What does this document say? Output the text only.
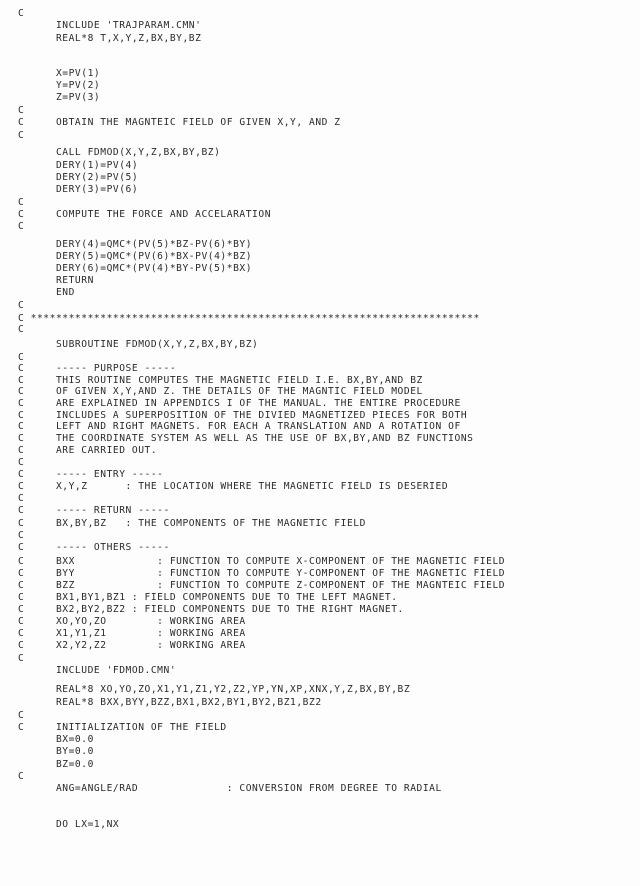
C
INCLUDE 'TRAJPARAM.CMN'
REAL*8 T,X,Y,Z,BX,BY,BZ
X=PV(1)
Y=PV(2)
Z=PV(3)
C
C     OBTAIN THE MAGNTEIC FIELD OF GIVEN X,Y, AND Z
C
CALL FDMOD(X,Y,Z,BX,BY,BZ)
DERY(1)=PV(4)
DERY(2)=PV(5)
DERY(3)=PV(6)
C
C     COMPUTE THE FORCE AND ACCELARATION
C
DERY(4)=QMC*(PV(5)*BZ-PV(6)*BY)
DERY(5)=QMC*(PV(6)*BX-PV(4)*BZ)
DERY(6)=QMC*(PV(4)*BY-PV(5)*BX)
RETURN
END
C
C ***********************************************************************
C
SUBROUTINE FDMOD(X,Y,Z,BX,BY,BZ)
C
C     ----- PURPOSE -----
C     THIS ROUTINE COMPUTES THE MAGNETIC FIELD I.E. BX,BY,AND BZ
C     OF GIVEN X,Y,AND Z. THE DETAILS OF THE MAGNTIC FIELD MODEL
C     ARE EXPLAINED IN APPENDICS I OF THE MANUAL. THE ENTIRE PROCEDURE
C     INCLUDES A SUPERPOSITION OF THE DIVIED MAGNETIZED PIECES FOR BOTH
C     LEFT AND RIGHT MAGNETS. FOR EACH A TRANSLATION AND A ROTATION OF
C     THE COORDINATE SYSTEM AS WELL AS THE USE OF BX,BY,AND BZ FUNCTIONS
C     ARE CARRIED OUT.
C
C     ----- ENTRY -----
C     X,Y,Z      : THE LOCATION WHERE THE MAGNETIC FIELD IS DESERIED
C
C     ----- RETURN -----
C     BX,BY,BZ   : THE COMPONENTS OF THE MAGNETIC FIELD
C
C     ----- OTHERS -----
C     BXX             : FUNCTION TO COMPUTE X-COMPONENT OF THE MAGNETIC FIELD
C     BYY             : FUNCTION TO COMPUTE Y-COMPONENT OF THE MAGNETIC FIELD
C     BZZ             : FUNCTION TO COMPUTE Z-COMPONENT OF THE MAGNTEIC FIELD
C     BX1,BY1,BZ1 : FIELD COMPONENTS DUE TO THE LEFT MAGNET.
C     BX2,BY2,BZ2 : FIELD COMPONENTS DUE TO THE RIGHT MAGNET.
C     XO,YO,ZO        : WORKING AREA
C     X1,Y1,Z1        : WORKING AREA
C     X2,Y2,Z2        : WORKING AREA
C
INCLUDE 'FDMOD.CMN'
REAL*8 XO,YO,ZO,X1,Y1,Z1,Y2,Z2,YP,YN,XP,XNX,Y,Z,BX,BY,BZ
REAL*8 BXX,BYY,BZZ,BX1,BX2,BY1,BY2,BZ1,BZ2
C
C     INITIALIZATION OF THE FIELD
BX=0.0
BY=0.0
BZ=0.0
C
ANG=ANGLE/RAD              : CONVERSION FROM DEGREE TO RADIAL
DO LX=1,NX
